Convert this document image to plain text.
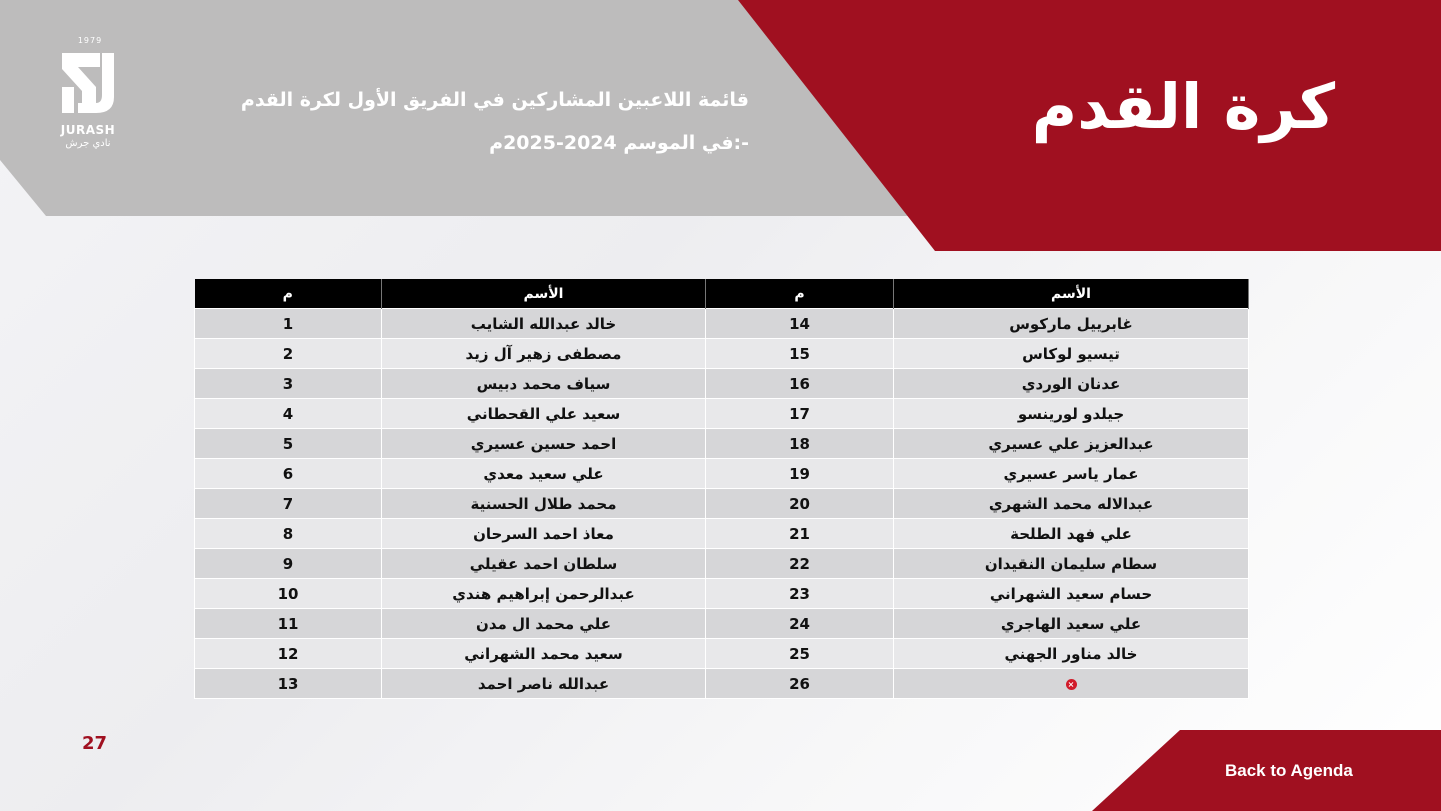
1979
JURASH
نادي جرش
قائمة اللاعبين المشاركين في الفريق الأول لكرة القدم
-:في الموسم 2024-2025م	كرة القدم
م	الأسم	م	الأسم
1	خالد عبدالله الشايب	14	غابرييل ماركوس
2	مصطفى زهير آل زيد	15	تيسيو لوكاس
3	سياف محمد دبيس	16	عدنان الوردي
4	سعيد علي القحطاني	17	جيلدو لورينسو
5	احمد حسين عسيري	18	عبدالعزيز علي عسيري
6	علي سعيد معدي	19	عمار ياسر عسيري
7	محمد طلال الحسنية	20	عبدالاله محمد الشهري
8	معاذ احمد السرحان	21	علي فهد الطلحة
9	سلطان احمد عقيلي	22	سطام سليمان النقيدان
10	عبدالرحمن إبراهيم هندي	23	حسام سعيد الشهراني
11	علي محمد ال مدن	24	علي سعيد الهاجري
12	سعيد محمد الشهراني	25	خالد مناور الجهني
13	عبدالله ناصر احمد	26	×
27
Back to Agenda
